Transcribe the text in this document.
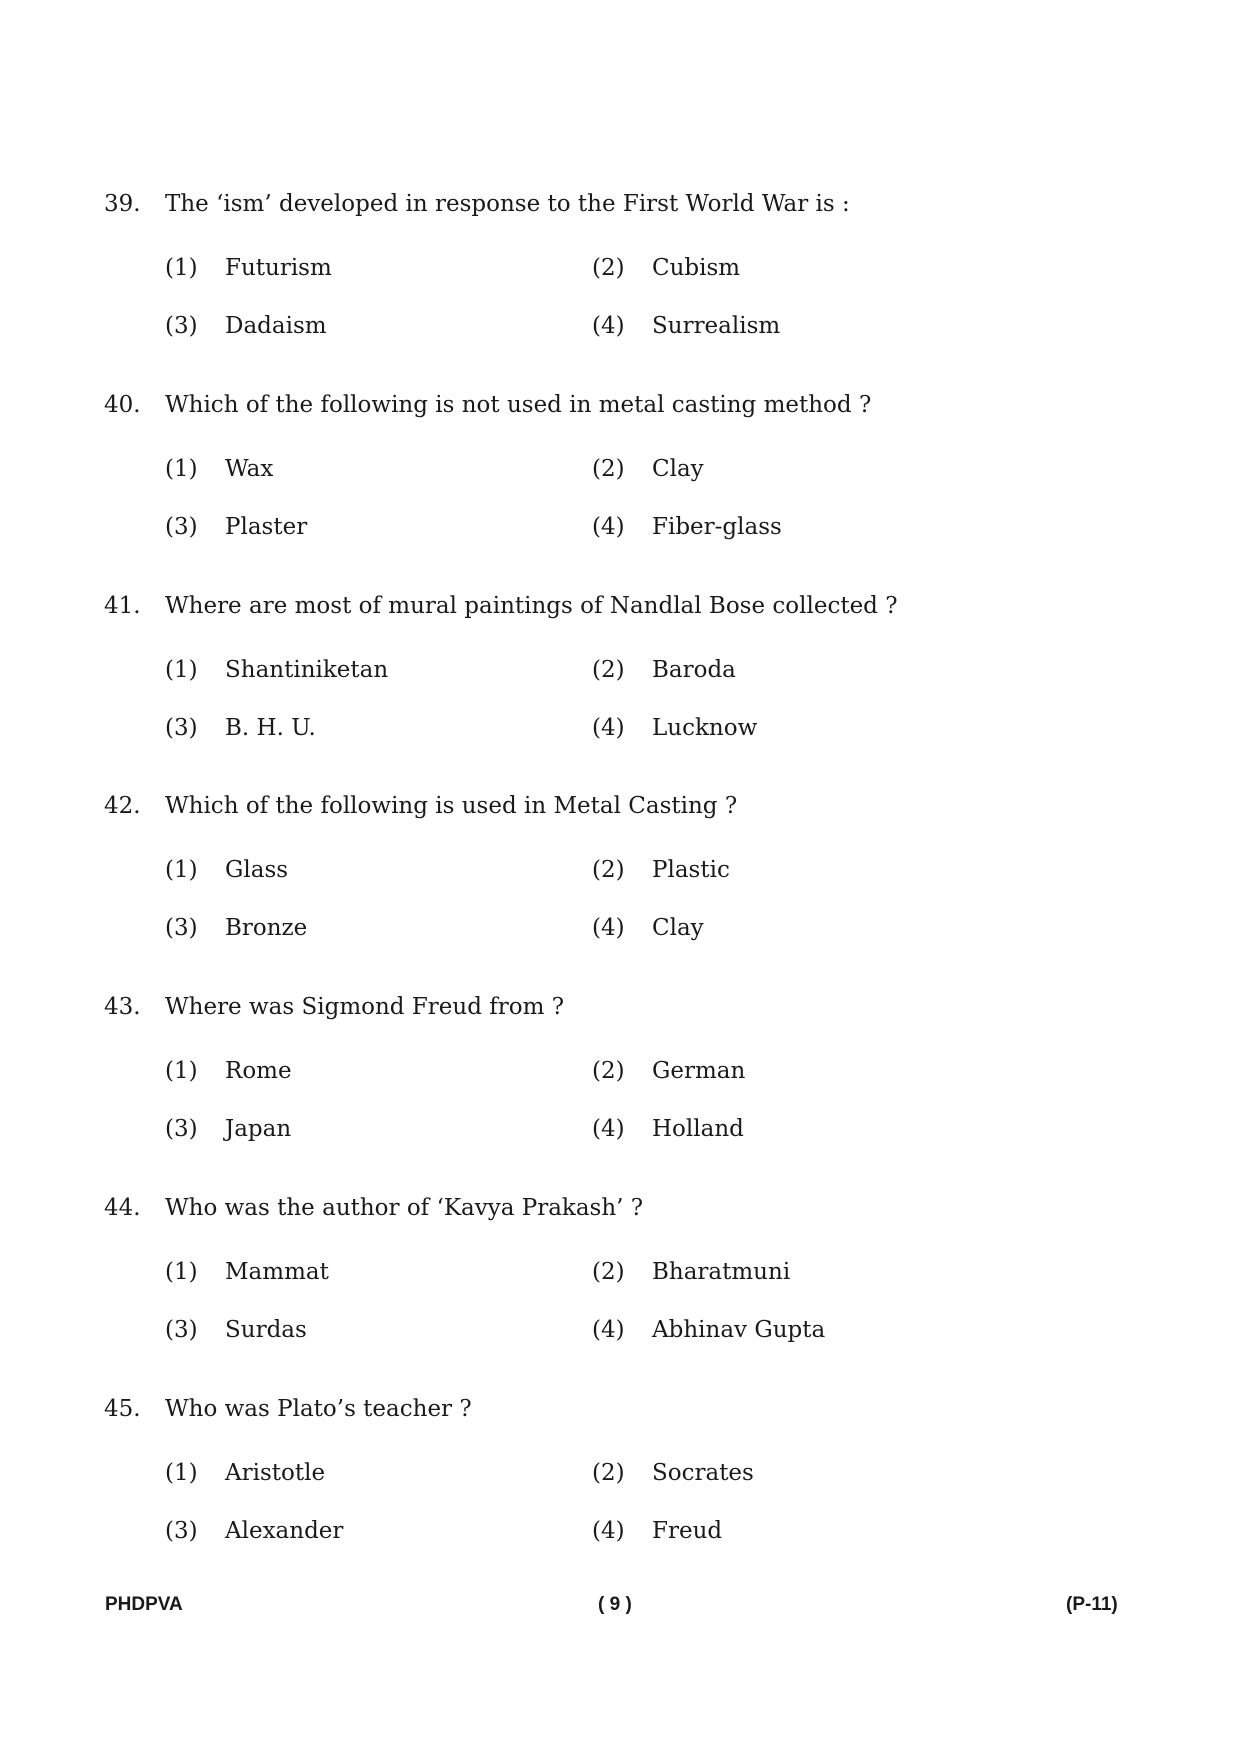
39. The ‘ism’ developed in response to the First World War is :
(1) Futurism	(2) Cubism
(3) Dadaism	(4) Surrealism
40. Which of the following is not used in metal casting method ?
(1) Wax	(2) Clay
(3) Plaster	(4) Fiber-glass
41. Where are most of mural paintings of Nandlal Bose collected ?
(1) Shantiniketan	(2) Baroda
(3) B. H. U.	(4) Lucknow
42. Which of the following is used in Metal Casting ?
(1) Glass	(2) Plastic
(3) Bronze	(4) Clay
43. Where was Sigmond Freud from ?
(1) Rome	(2) German
(3) Japan	(4) Holland
44. Who was the author of ‘Kavya Prakash’ ?
(1) Mammat	(2) Bharatmuni
(3) Surdas	(4) Abhinav Gupta
45. Who was Plato’s teacher ?
(1) Aristotle	(2) Socrates
(3) Alexander	(4) Freud
PHDPVA	( 9 )	(P-11)
